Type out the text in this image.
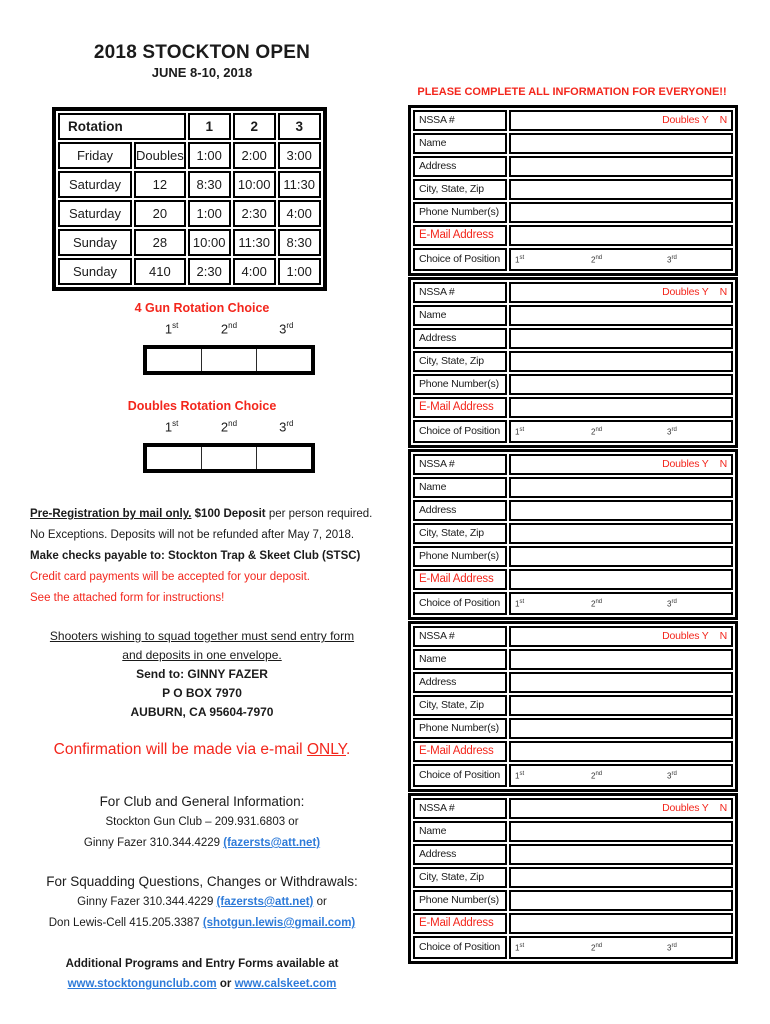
2018 STOCKTON OPEN
JUNE 8-10, 2018
Rotation		1	2	3
Friday	Doubles	1:00	2:00	3:00
Saturday	12	8:30	10:00	11:30
Saturday	20	1:00	2:30	4:00
Sunday	28	10:00	11:30	8:30
Sunday	410	2:30	4:00	1:00
4 Gun Rotation Choice
1st	2nd	3rd
Doubles Rotation Choice
1st	2nd	3rd
Pre-Registration by mail only. $100 Deposit per person required.
No Exceptions. Deposits will not be refunded after May 7, 2018.
Make checks payable to: Stockton Trap & Skeet Club (STSC)
Credit card payments will be accepted for your deposit.
See the attached form for instructions!
Shooters wishing to squad together must send entry form
and deposits in one envelope.
Send to: GINNY FAZER
P O BOX 7970
AUBURN, CA 95604-7970
Confirmation will be made via e-mail ONLY.
For Club and General Information:
Stockton Gun Club – 209.931.6803 or
Ginny Fazer 310.344.4229 (fazersts@att.net)
For Squadding Questions, Changes or Withdrawals:
Ginny Fazer 310.344.4229 (fazersts@att.net) or
Don Lewis-Cell 415.205.3387 (shotgun.lewis@gmail.com)
Additional Programs and Entry Forms available at
www.stocktongunclub.com or www.calskeet.com
PLEASE COMPLETE ALL INFORMATION FOR EVERYONE!!
NSSA #	Doubles Y N
Name	
Address	
City, State, Zip	
Phone Number(s)	
E-Mail Address	
Choice of Position	1st 2nd 3rd
NSSA #	Doubles Y N
Name	
Address	
City, State, Zip	
Phone Number(s)	
E-Mail Address	
Choice of Position	1st 2nd 3rd
NSSA #	Doubles Y N
Name	
Address	
City, State, Zip	
Phone Number(s)	
E-Mail Address	
Choice of Position	1st 2nd 3rd
NSSA #	Doubles Y N
Name	
Address	
City, State, Zip	
Phone Number(s)	
E-Mail Address	
Choice of Position	1st 2nd 3rd
NSSA #	Doubles Y N
Name	
Address	
City, State, Zip	
Phone Number(s)	
E-Mail Address	
Choice of Position	1st 2nd 3rd
